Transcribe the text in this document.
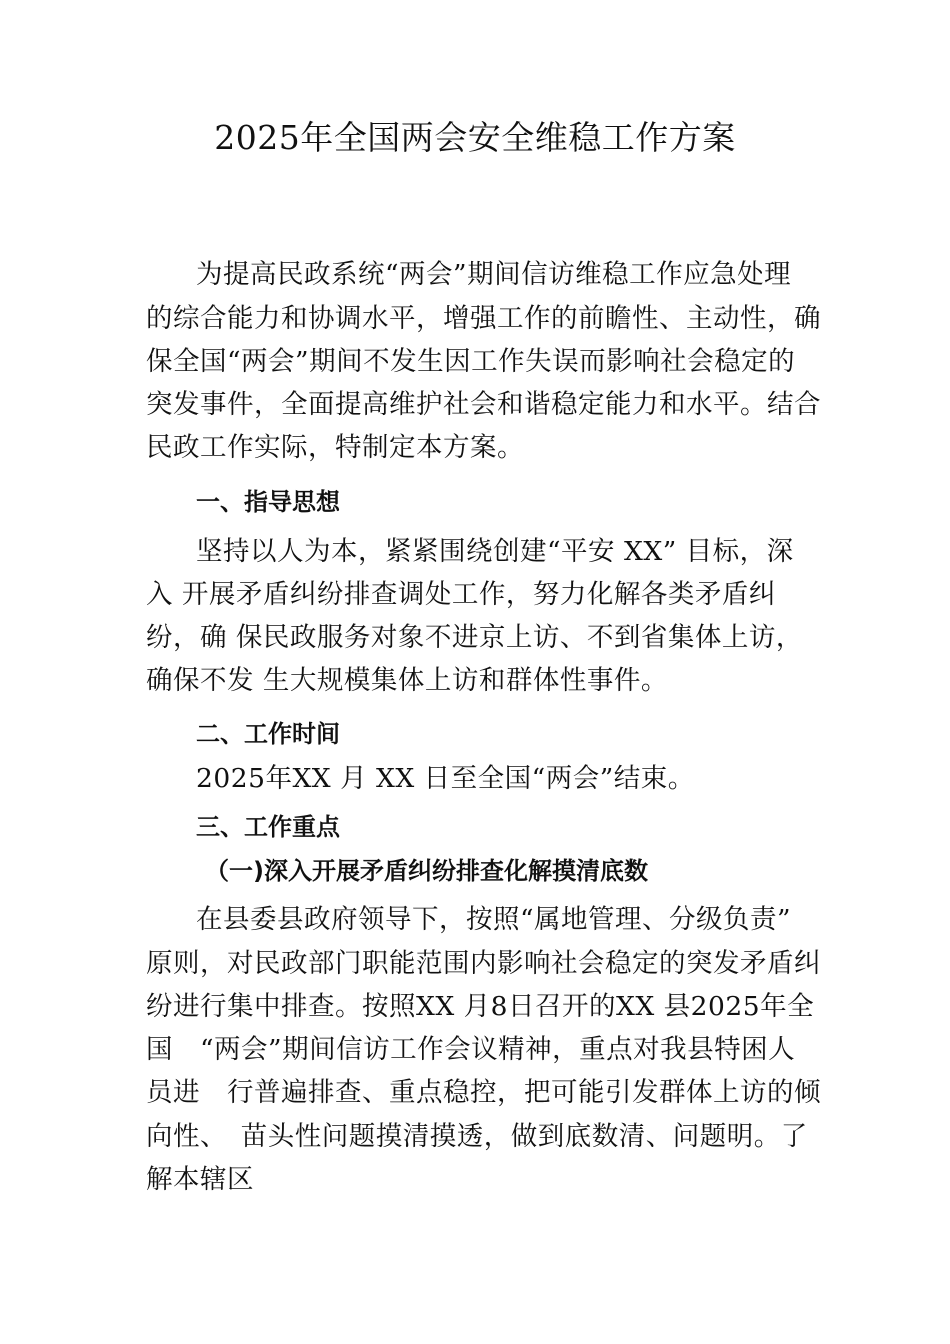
2025年全国两会安全维稳工作方案
为提高民政系统“两会”期间信访维稳工作应急处理
的综合能力和协调水平，增强工作的前瞻性、主动性，确
保全国“两会”期间不发生因工作失误而影响社会稳定的
突发事件，全面提高维护社会和谐稳定能力和水平。结合
民政工作实际，特制定本方案。
一、指导思想
坚持以人为本，紧紧围绕创建“平安 XX” 目标，深
入 开展矛盾纠纷排查调处工作，努力化解各类矛盾纠
纷，确 保民政服务对象不进京上访、不到省集体上访，
确保不发 生大规模集体上访和群体性事件。
二、工作时间
2025年XX 月 XX 日至全国“两会”结束。
三、工作重点
（一)深入开展矛盾纠纷排查化解摸清底数
在县委县政府领导下，按照“属地管理、分级负责”
原则，对民政部门职能范围内影响社会稳定的突发矛盾纠
纷进行集中排查。按照XX 月8日召开的XX 县2025年全
国　“两会”期间信访工作会议精神，重点对我县特困人
员进　行普遍排查、重点稳控，把可能引发群体上访的倾
向性、　苗头性问题摸清摸透，做到底数清、问题明。了
解本辖区
